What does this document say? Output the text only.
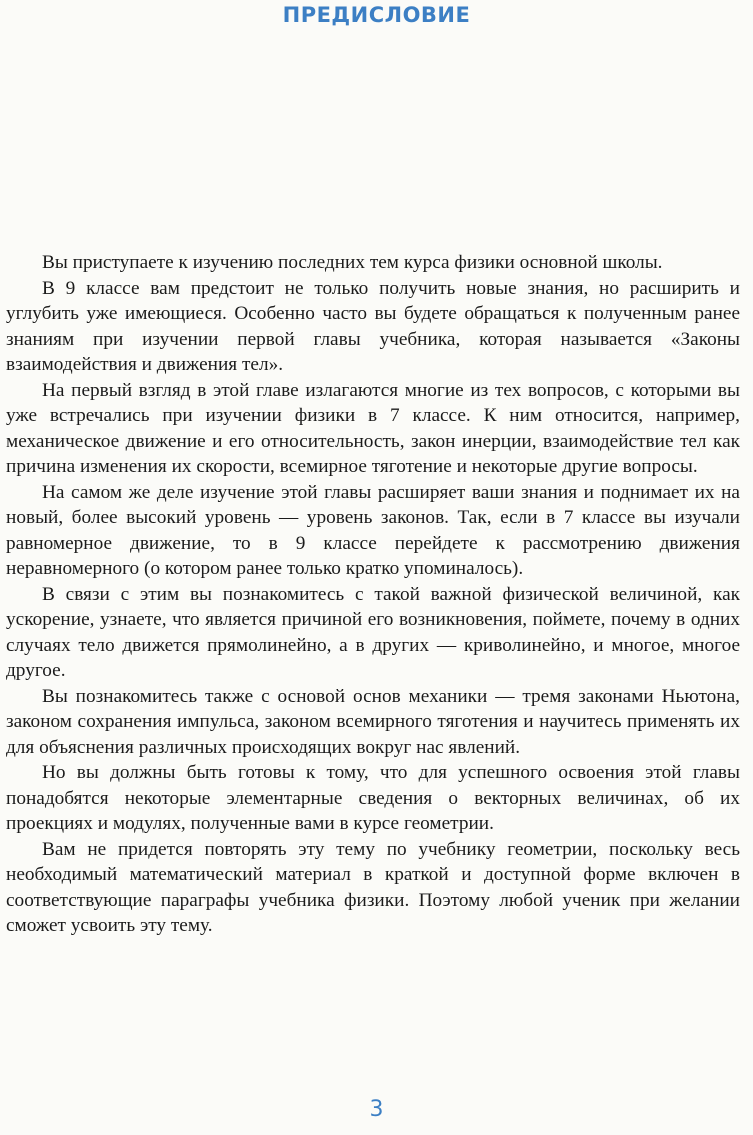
ПРЕДИСЛОВИЕ

Вы приступаете к изучению последних тем курса физики основной школы.

В 9 классе вам предстоит не только получить новые знания, но расширить и углубить уже имеющиеся. Особенно часто вы будете обращаться к полученным ранее знаниям при изучении первой главы учебника, которая называется «Законы взаимодействия и движения тел».

На первый взгляд в этой главе излагаются многие из тех вопросов, с которыми вы уже встречались при изучении физики в 7 классе. К ним относится, например, механическое движение и его относительность, закон инерции, взаимодействие тел как причина изменения их скорости, всемирное тяготение и некоторые другие вопросы.

На самом же деле изучение этой главы расширяет ваши знания и поднимает их на новый, более высокий уровень — уровень законов. Так, если в 7 классе вы изучали равномерное движение, то в 9 классе перейдете к рассмотрению движения неравномерного (о котором ранее только кратко упоминалось).

В связи с этим вы познакомитесь с такой важной физической величиной, как ускорение, узнаете, что является причиной его возникновения, поймете, почему в одних случаях тело движется прямолинейно, а в других — криволинейно, и многое, многое другое.

Вы познакомитесь также с основой основ механики — тремя законами Ньютона, законом сохранения импульса, законом всемирного тяготения и научитесь применять их для объяснения различных происходящих вокруг нас явлений.

Но вы должны быть готовы к тому, что для успешного освоения этой главы понадобятся некоторые элементарные сведения о векторных величинах, об их проекциях и модулях, полученные вами в курсе геометрии.

Вам не придется повторять эту тему по учебнику геометрии, поскольку весь необходимый математический материал в краткой и доступной форме включен в соответствующие параграфы учебника физики. Поэтому любой ученик при желании сможет усвоить эту тему.

3
